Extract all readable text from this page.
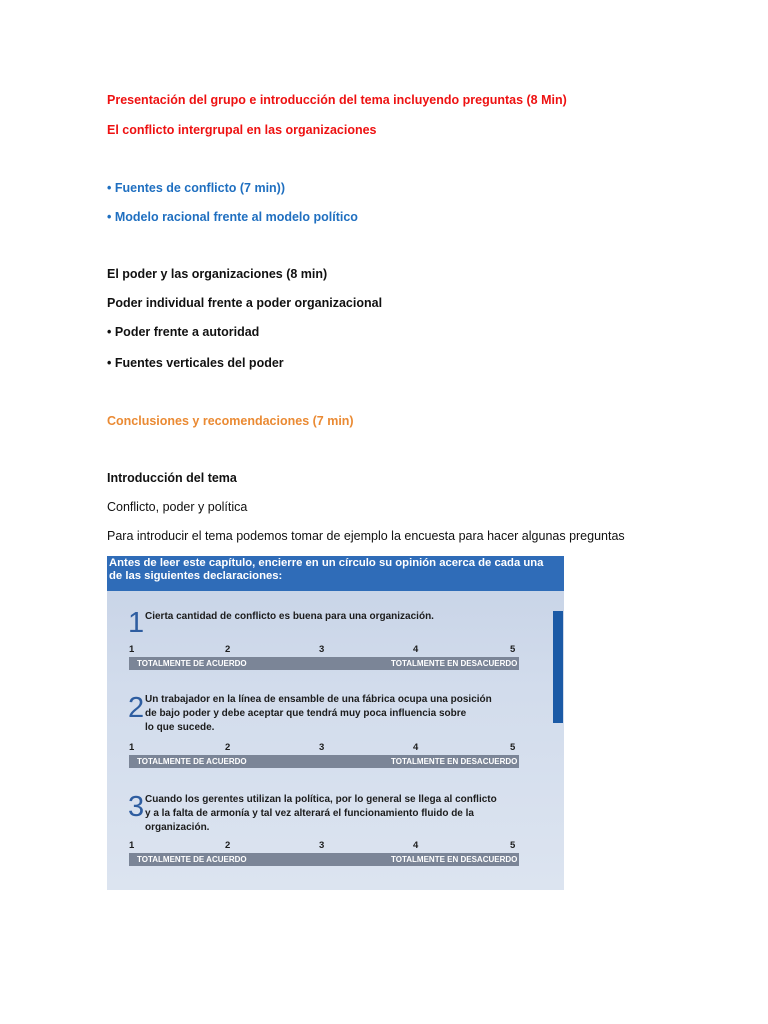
Presentación del grupo e introducción del tema incluyendo preguntas (8 Min)
El conflicto intergrupal en las organizaciones
• Fuentes de conflicto (7 min))
• Modelo racional frente al modelo político
El poder y las organizaciones (8 min)
Poder individual frente a poder organizacional
• Poder frente a autoridad
• Fuentes verticales del poder
Conclusiones y recomendaciones (7 min)
Introducción del tema
Conflicto, poder y política
Para introducir el tema podemos tomar de ejemplo la encuesta para hacer algunas preguntas
Antes de leer este capítulo, encierre en un círculo su opinión acerca de cada una de las siguientes declaraciones:
1 Cierta cantidad de conflicto es buena para una organización.
1	2	3	4	5
TOTALMENTE DE ACUERDO	TOTALMENTE EN DESACUERDO
2 Un trabajador en la línea de ensamble de una fábrica ocupa una posición
de bajo poder y debe aceptar que tendrá muy poca influencia sobre
lo que sucede.
1	2	3	4	5
TOTALMENTE DE ACUERDO	TOTALMENTE EN DESACUERDO
3 Cuando los gerentes utilizan la política, por lo general se llega al conflicto
y a la falta de armonía y tal vez alterará el funcionamiento fluido de la
organización.
1	2	3	4	5
TOTALMENTE DE ACUERDO	TOTALMENTE EN DESACUERDO
